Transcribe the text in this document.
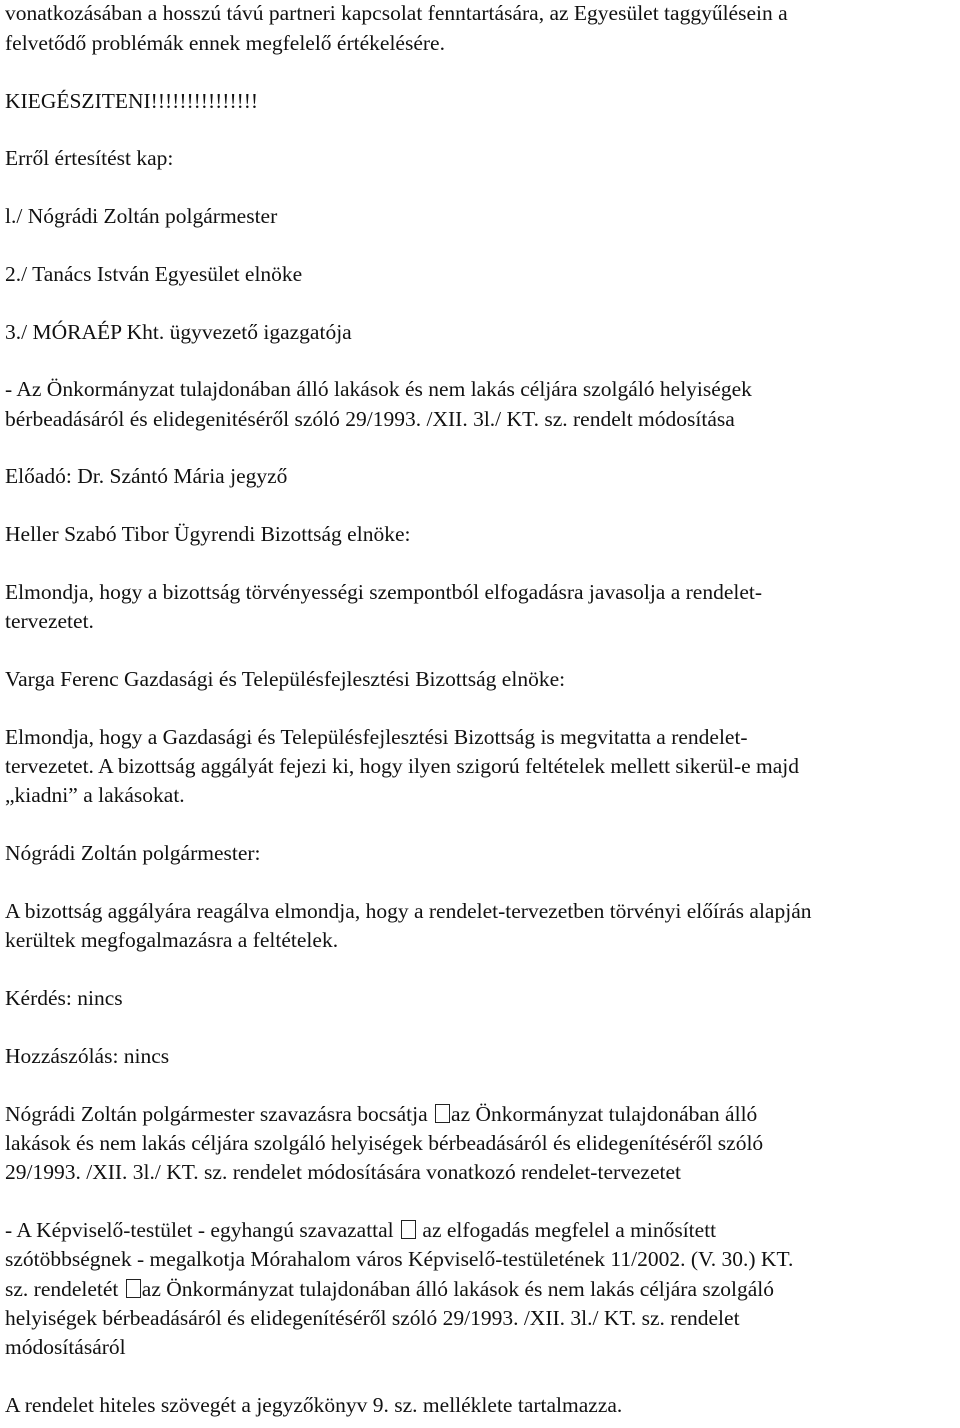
vonatkozásában a hosszú távú partneri kapcsolat fenntartására, az Egyesület taggyűlésein a

felvetődő problémák ennek megfelelő értékelésére.

KIEGÉSZITENI!!!!!!!!!!!!!!!

Erről értesítést kap:

l./ Nógrádi Zoltán polgármester

2./ Tanács István Egyesület elnöke

3./ MÓRAÉP Kht. ügyvezető igazgatója

- Az Önkormányzat tulajdonában álló lakások és nem lakás céljára szolgáló helyiségek

bérbeadásáról és elidegenitéséről szóló 29/1993. /XII. 3l./ KT. sz. rendelt módosítása

Előadó: Dr. Szántó Mária jegyző

Heller Szabó Tibor Ügyrendi Bizottság elnöke:

Elmondja, hogy a bizottság törvényességi szempontból elfogadásra javasolja a rendelet-

tervezetet.

Varga Ferenc Gazdasági és Településfejlesztési Bizottság elnöke:

Elmondja, hogy a Gazdasági és Településfejlesztési Bizottság is megvitatta a rendelet-

tervezetet. A bizottság aggályát fejezi ki, hogy ilyen szigorú feltételek mellett sikerül-e majd

„kiadni” a lakásokat.

Nógrádi Zoltán polgármester:

A bizottság aggályára reagálva elmondja, hogy a rendelet-tervezetben törvényi előírás alapján

kerültek megfogalmazásra a feltételek.

Kérdés: nincs

Hozzászólás: nincs

Nógrádi Zoltán polgármester szavazásra bocsátja az Önkormányzat tulajdonában álló

lakások és nem lakás céljára szolgáló helyiségek bérbeadásáról és elidegenítéséről szóló

29/1993. /XII. 3l./ KT. sz. rendelet módosítására vonatkozó rendelet-tervezetet

- A Képviselő-testület - egyhangú szavazattal  az elfogadás megfelel a minősített

szótöbbségnek - megalkotja Mórahalom város Képviselő-testületének 11/2002. (V. 30.) KT.

sz. rendeletét az Önkormányzat tulajdonában álló lakások és nem lakás céljára szolgáló

helyiségek bérbeadásáról és elidegenítéséről szóló 29/1993. /XII. 3l./ KT. sz. rendelet

módosításáról

A rendelet hiteles szövegét a jegyzőkönyv 9. sz. melléklete tartalmazza.
